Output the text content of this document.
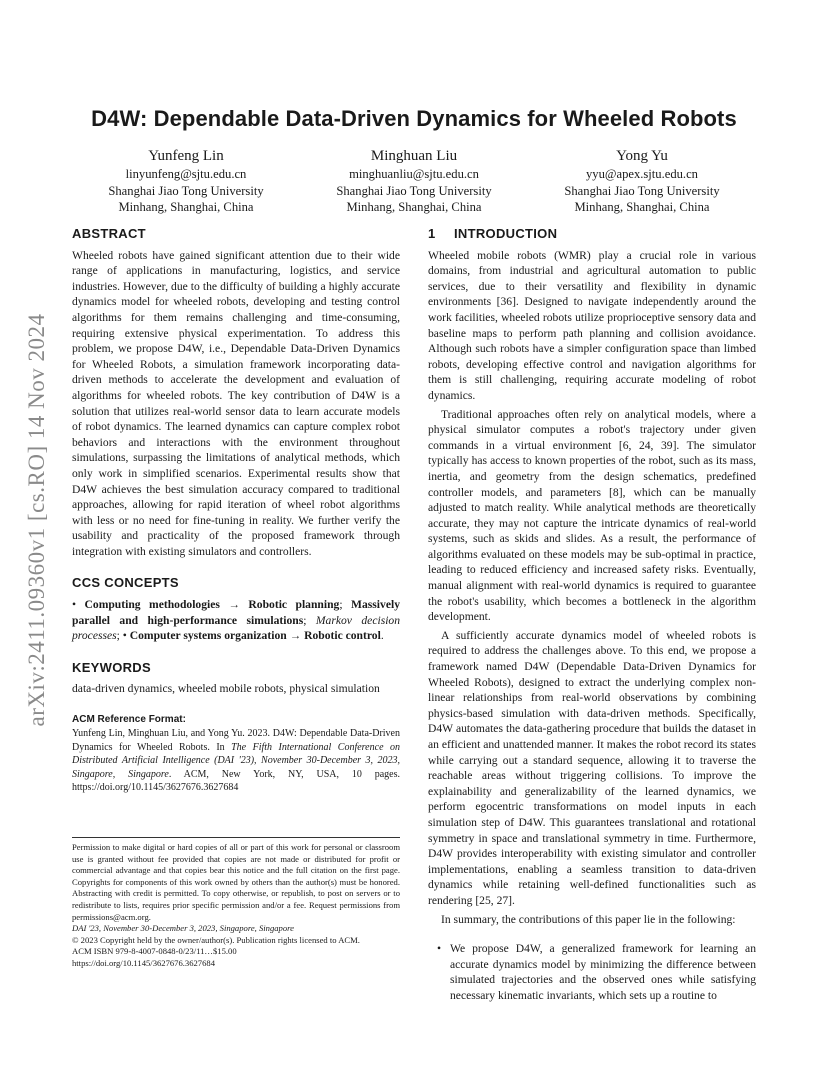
arXiv:2411.09360v1 [cs.RO] 14 Nov 2024
D4W: Dependable Data-Driven Dynamics for Wheeled Robots
Yunfeng Lin
linyunfeng@sjtu.edu.cn
Shanghai Jiao Tong University
Minhang, Shanghai, China
Minghuan Liu
minghuanliu@sjtu.edu.cn
Shanghai Jiao Tong University
Minhang, Shanghai, China
Yong Yu
yyu@apex.sjtu.edu.cn
Shanghai Jiao Tong University
Minhang, Shanghai, China
ABSTRACT

Wheeled robots have gained significant attention due to their wide range of applications in manufacturing, logistics, and service industries. However, due to the difficulty of building a highly accurate dynamics model for wheeled robots, developing and testing control algorithms for them remains challenging and time-consuming, requiring extensive physical experimentation. To address this problem, we propose D4W, i.e., Dependable Data-Driven Dynamics for Wheeled Robots, a simulation framework incorporating data-driven methods to accelerate the development and evaluation of algorithms for wheeled robots. The key contribution of D4W is a solution that utilizes real-world sensor data to learn accurate models of robot dynamics. The learned dynamics can capture complex robot behaviors and interactions with the environment throughout simulations, surpassing the limitations of analytical methods, which only work in simplified scenarios. Experimental results show that D4W achieves the best simulation accuracy compared to traditional approaches, allowing for rapid iteration of wheel robot algorithms with less or no need for fine-tuning in reality. We further verify the usability and practicality of the proposed framework through integration with existing simulators and controllers.

CCS CONCEPTS

• Computing methodologies → Robotic planning; Massively parallel and high-performance simulations; Markov decision processes; • Computer systems organization → Robotic control.

KEYWORDS

data-driven dynamics, wheeled mobile robots, physical simulation

ACM Reference Format:

Yunfeng Lin, Minghuan Liu, and Yong Yu. 2023. D4W: Dependable Data-Driven Dynamics for Wheeled Robots. In The Fifth International Conference on Distributed Artificial Intelligence (DAI '23), November 30-December 3, 2023, Singapore, Singapore. ACM, New York, NY, USA, 10 pages. https://doi.org/10.1145/3627676.3627684

Permission to make digital or hard copies of all or part of this work for personal or classroom use is granted without fee provided that copies are not made or distributed for profit or commercial advantage and that copies bear this notice and the full citation on the first page. Copyrights for components of this work owned by others than the author(s) must be honored. Abstracting with credit is permitted. To copy otherwise, or republish, to post on servers or to redistribute to lists, requires prior specific permission and/or a fee. Request permissions from permissions@acm.org.

DAI '23, November 30-December 3, 2023, Singapore, Singapore
© 2023 Copyright held by the owner/author(s). Publication rights licensed to ACM.
ACM ISBN 979-8-4007-0848-0/23/11…$15.00
https://doi.org/10.1145/3627676.3627684
1 INTRODUCTION

Wheeled mobile robots (WMR) play a crucial role in various domains, from industrial and agricultural automation to public services, due to their versatility and flexibility in dynamic environments [36]. Designed to navigate independently around the work facilities, wheeled robots utilize proprioceptive sensory data and baseline maps to perform path planning and collision avoidance. Although such robots have a simpler configuration space than limbed robots, developing effective control and navigation algorithms for them is still challenging, requiring accurate modeling of robot dynamics.

Traditional approaches often rely on analytical models, where a physical simulator computes a robot's trajectory under given commands in a virtual environment [6, 24, 39]. The simulator typically has access to known properties of the robot, such as its mass, inertia, and geometry from the design schematics, predefined controller models, and parameters [8], which can be manually adjusted to match reality. While analytical methods are theoretically accurate, they may not capture the intricate dynamics of real-world systems, such as skids and slides. As a result, the performance of algorithms evaluated on these models may be sub-optimal in practice, leading to reduced efficiency and increased safety risks. Eventually, manual alignment with real-world dynamics is required to guarantee the robot's usability, which becomes a bottleneck in the algorithm development.

A sufficiently accurate dynamics model of wheeled robots is required to address the challenges above. To this end, we propose a framework named D4W (Dependable Data-Driven Dynamics for Wheeled Robots), designed to extract the underlying complex non-linear relationships from real-world observations by combining physics-based simulation with data-driven methods. Specifically, D4W automates the data-gathering procedure that builds the dataset in an efficient and unattended manner. It makes the robot record its states while carrying out a standard sequence, allowing it to traverse the reachable areas without triggering collisions. To improve the explainability and generalizability of the learned dynamics, we perform egocentric transformations on model inputs in each simulation step of D4W. This guarantees translational and rotational symmetry in space and translational symmetry in time. Furthermore, D4W provides interoperability with existing simulator and controller implementations, enabling a seamless transition to data-driven dynamics while retaining well-defined functionalities such as rendering [25, 27].

In summary, the contributions of this paper lie in the following:

• We propose D4W, a generalized framework for learning an accurate dynamics model by minimizing the difference between simulated trajectories and the observed ones while satisfying necessary kinematic invariants, which sets up a routine to
